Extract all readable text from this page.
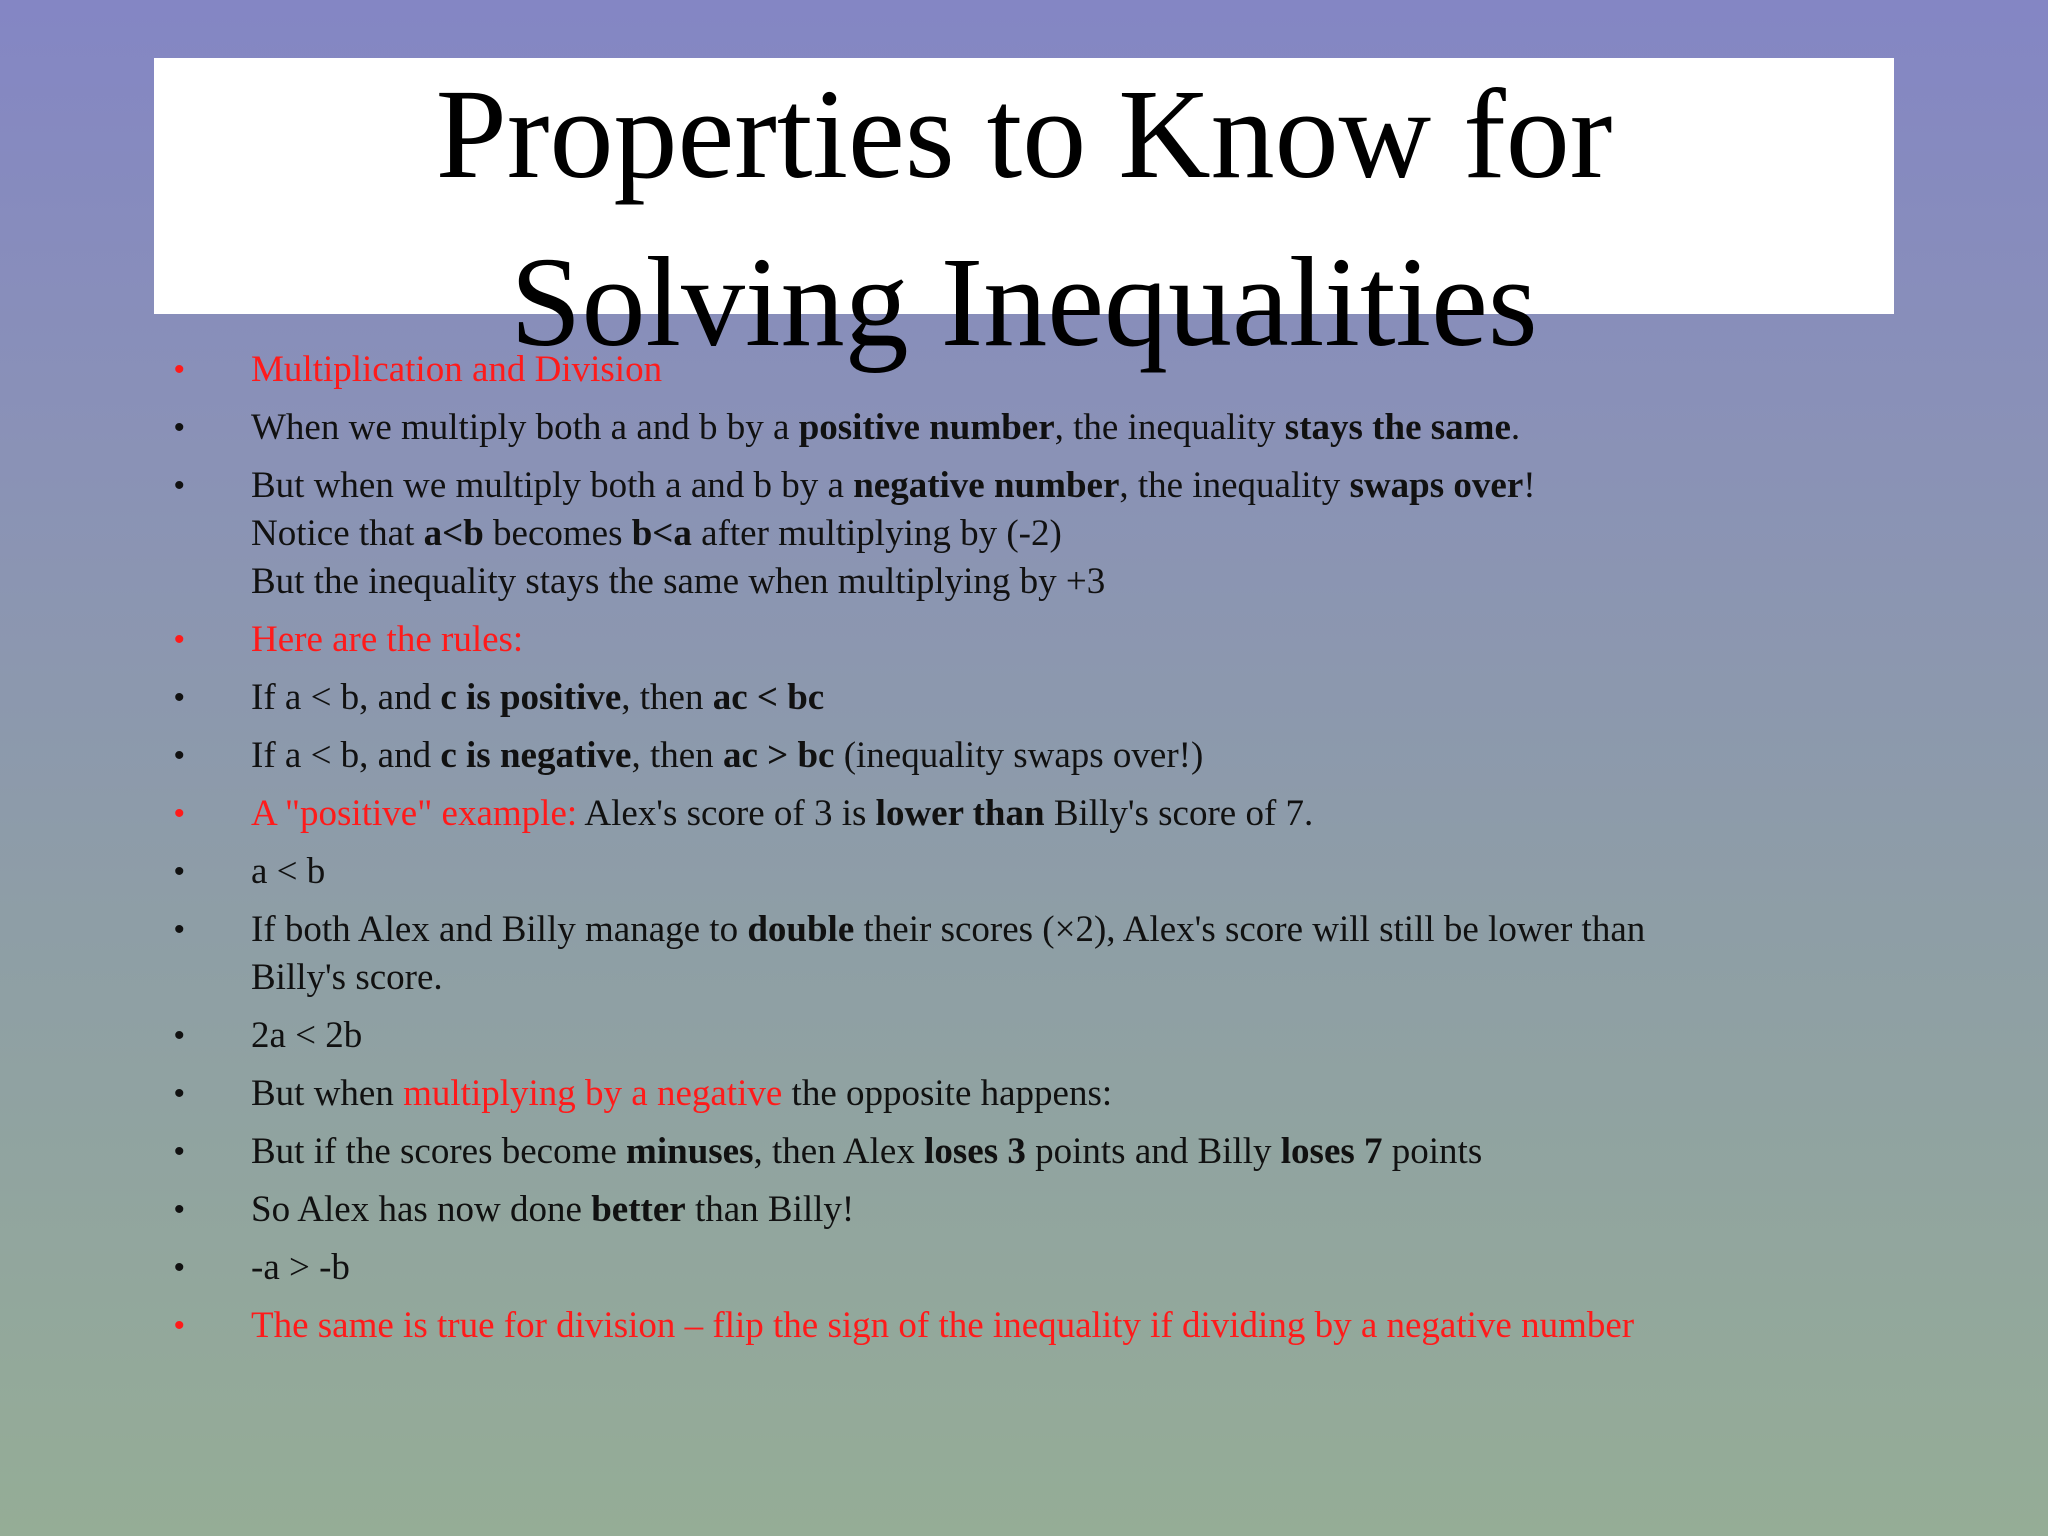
Properties to Know for
Solving Inequalities
• Multiplication and Division
• When we multiply both a and b by a positive number, the inequality stays the same.
• But when we multiply both a and b by a negative number, the inequality swaps over!
Notice that a<b becomes b<a after multiplying by (-2)
But the inequality stays the same when multiplying by +3
• Here are the rules:
• If a < b, and c is positive, then ac < bc
• If a < b, and c is negative, then ac > bc (inequality swaps over!)
• A "positive" example: Alex's score of 3 is lower than Billy's score of 7.
• a < b
• If both Alex and Billy manage to double their scores (×2), Alex's score will still be lower than
Billy's score.
• 2a < 2b
• But when multiplying by a negative the opposite happens:
• But if the scores become minuses, then Alex loses 3 points and Billy loses 7 points
• So Alex has now done better than Billy!
• -a > -b
• The same is true for division – flip the sign of the inequality if dividing by a negative number
